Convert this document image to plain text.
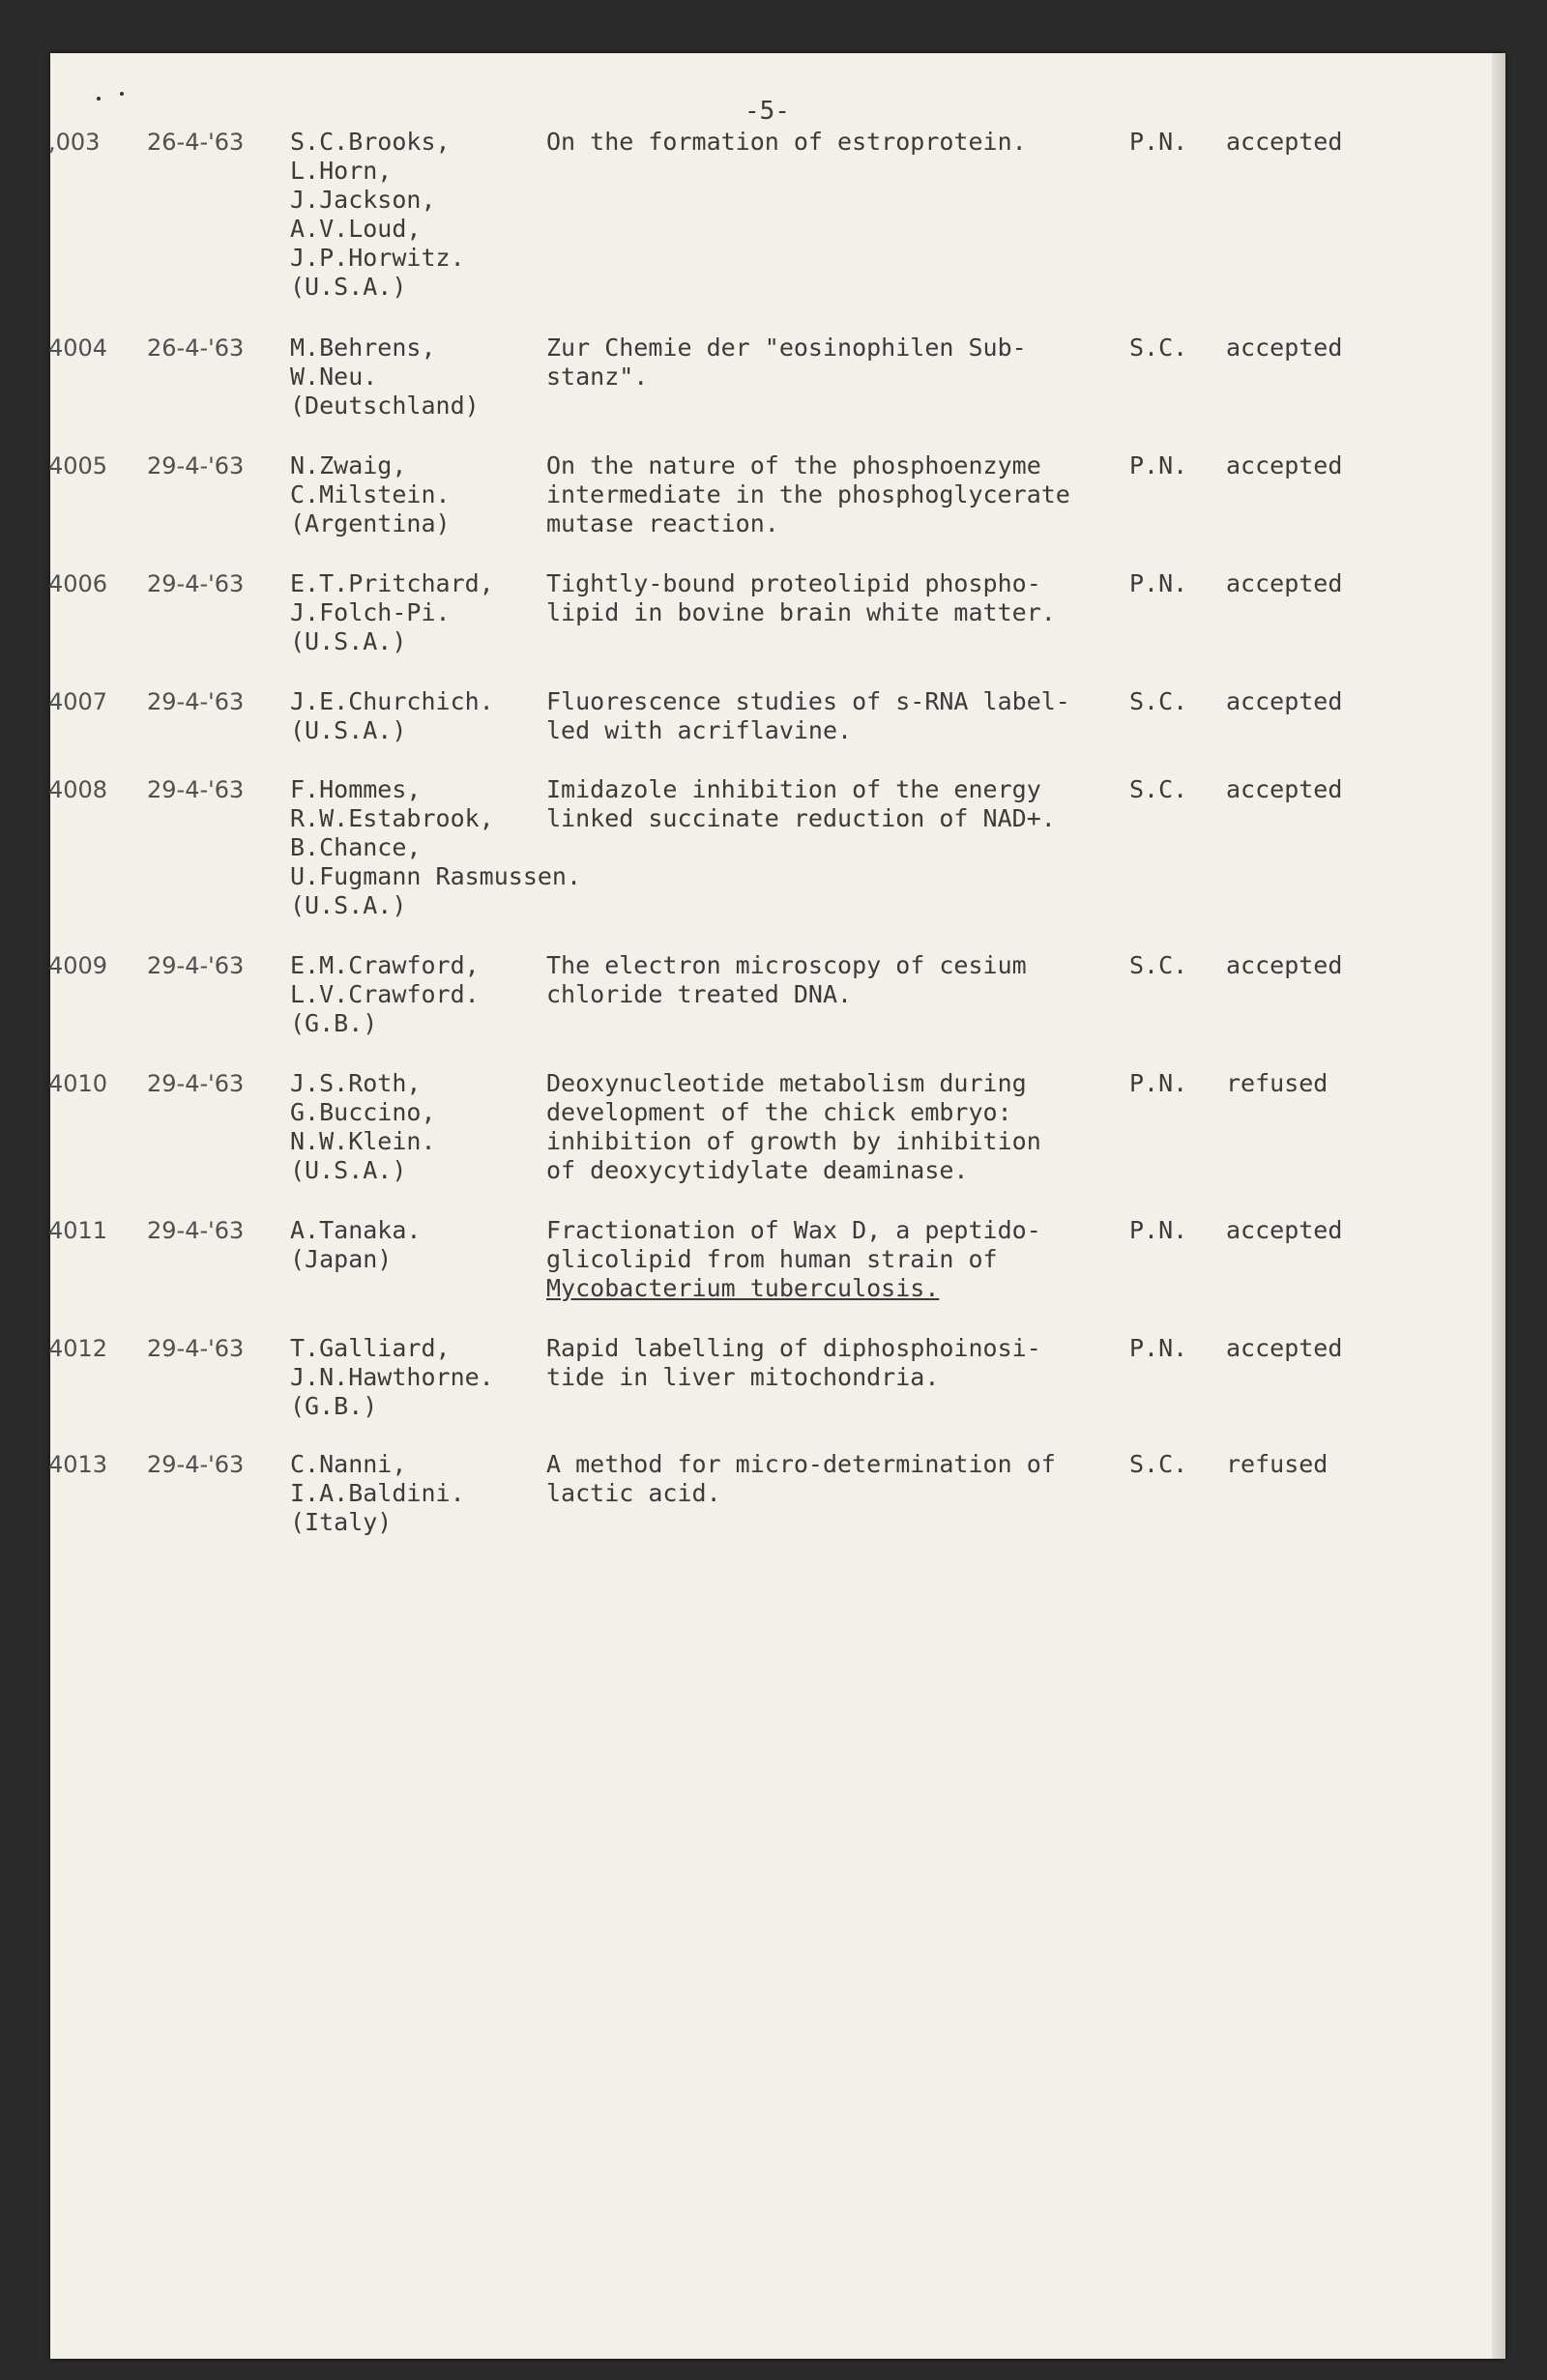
-5-
,003 26-4-'63 S.C.Brooks,
L.Horn,
J.Jackson,
A.V.Loud,
J.P.Horwitz.
(U.S.A.)
On the formation of estroprotein.	P.N. accepted
4004 26-4-'63 M.Behrens,
W.Neu.
(Deutschland)
Zur Chemie der "eosinophilen Sub-
stanz".
S.C. accepted
4005 29-4-'63 N.Zwaig,
C.Milstein.
(Argentina)
On the nature of the phosphoenzyme
intermediate in the phosphoglycerate
mutase reaction.
P.N. accepted
4006 29-4-'63 E.T.Pritchard,
J.Folch-Pi.
(U.S.A.)
Tightly-bound proteolipid phospho-
lipid in bovine brain white matter.
P.N. accepted
4007 29-4-'63 J.E.Churchich.
(U.S.A.)
Fluorescence studies of s-RNA label-
led with acriflavine.
S.C. accepted
4008 29-4-'63 F.Hommes,
R.W.Estabrook,
B.Chance,
U.Fugmann Rasmussen.
(U.S.A.)
Imidazole inhibition of the energy
linked succinate reduction of NAD+.
S.C. accepted
4009 29-4-'63 E.M.Crawford,
L.V.Crawford.
(G.B.)
The electron microscopy of cesium
chloride treated DNA.
S.C. accepted
4010 29-4-'63 J.S.Roth,
G.Buccino,
N.W.Klein.
(U.S.A.)
Deoxynucleotide metabolism during
development of the chick embryo:
inhibition of growth by inhibition
of deoxycytidylate deaminase.
P.N. refused
4011 29-4-'63 A.Tanaka.
(Japan)
Fractionation of Wax D, a peptido-
glicolipid from human strain of
Mycobacterium tuberculosis.
P.N. accepted
4012 29-4-'63 T.Galliard,
J.N.Hawthorne.
(G.B.)
Rapid labelling of diphosphoinosi-
tide in liver mitochondria.
P.N. accepted
4013 29-4-'63 C.Nanni,
I.A.Baldini.
(Italy)
A method for micro-determination of
lactic acid.
S.C. refused
